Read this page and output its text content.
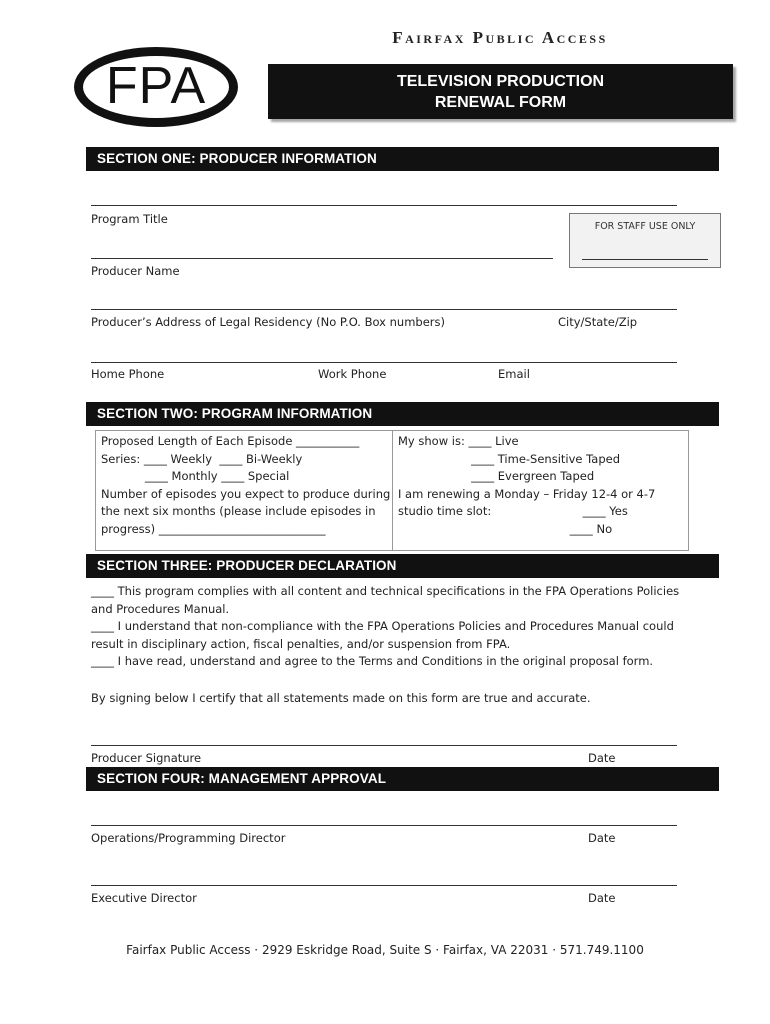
Fairfax Public Access
FPA	TELEVISION PRODUCTION
RENEWAL FORM
SECTION ONE: PRODUCER INFORMATION
Program Title
FOR STAFF USE ONLY
Producer Name
Producer’s Address of Legal Residency (No P.O. Box numbers)	City/State/Zip
Home Phone	Work Phone	Email
SECTION TWO: PROGRAM INFORMATION
Proposed Length of Each Episode ___________
Series: ____ Weekly  ____ Bi-Weekly
____ Monthly ____ Special
Number of episodes you expect to produce during
the next six months (please include episodes in
progress) _____________________________
My show is: ____ Live
____ Time-Sensitive Taped
____ Evergreen Taped
I am renewing a Monday – Friday 12-4 or 4-7
studio time slot:                         ____ Yes
____ No
SECTION THREE: PRODUCER DECLARATION
____ This program complies with all content and technical specifications in the FPA Operations Policies and Procedures Manual.
____ I understand that non-compliance with the FPA Operations Policies and Procedures Manual could result in disciplinary action, fiscal penalties, and/or suspension from FPA.
____ I have read, understand and agree to the Terms and Conditions in the original proposal form.
By signing below I certify that all statements made on this form are true and accurate.
Producer Signature	Date
SECTION FOUR: MANAGEMENT APPROVAL
Operations/Programming Director	Date
Executive Director	Date
Fairfax Public Access · 2929 Eskridge Road, Suite S · Fairfax, VA 22031 · 571.749.1100
